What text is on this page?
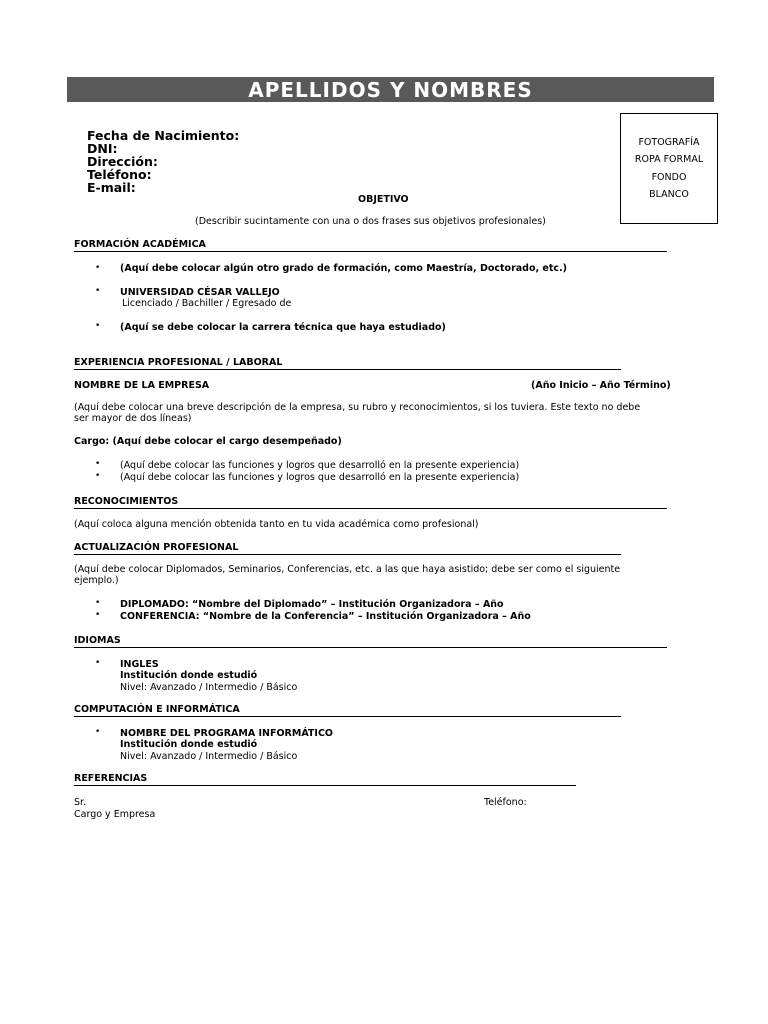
APELLIDOS Y NOMBRES
FOTOGRAFÍA
ROPA FORMAL
FONDO
BLANCO
Fecha de Nacimiento:
DNI:
Dirección:
Teléfono:
E-mail:
OBJETIVO
(Describir sucintamente con una o dos frases sus objetivos profesionales)
FORMACIÓN ACADÉMICA
• (Aquí debe colocar algún otro grado de formación, como Maestría, Doctorado, etc.)
• UNIVERSIDAD CÉSAR VALLEJO
Licenciado / Bachiller / Egresado de
• (Aquí se debe colocar la carrera técnica que haya estudiado)
EXPERIENCIA PROFESIONAL / LABORAL
NOMBRE DE LA EMPRESA	(Año Inicio – Año Término)
(Aquí debe colocar una breve descripción de la empresa, su rubro y reconocimientos, si los tuviera. Este texto no debe
ser mayor de dos líneas)
Cargo: (Aquí debe colocar el cargo desempeñado)
• (Aquí debe colocar las funciones y logros que desarrolló en la presente experiencia)
• (Aquí debe colocar las funciones y logros que desarrolló en la presente experiencia)
RECONOCIMIENTOS
(Aquí coloca alguna mención obtenida tanto en tu vida académica como profesional)
ACTUALIZACIÓN PROFESIONAL
(Aquí debe colocar Diplomados, Seminarios, Conferencias, etc. a las que haya asistido; debe ser como el siguiente
ejemplo.)
• DIPLOMADO: “Nombre del Diplomado” – Institución Organizadora – Año
• CONFERENCIA: “Nombre de la Conferencia” – Institución Organizadora – Año
IDIOMAS
• INGLES
Institución donde estudió
Nivel: Avanzado / Intermedio / Básico
COMPUTACIÓN E INFORMÁTICA
• NOMBRE DEL PROGRAMA INFORMÁTICO
Institución donde estudió
Nivel: Avanzado / Intermedio / Básico
REFERENCIAS
Sr.	Teléfono:
Cargo y Empresa
